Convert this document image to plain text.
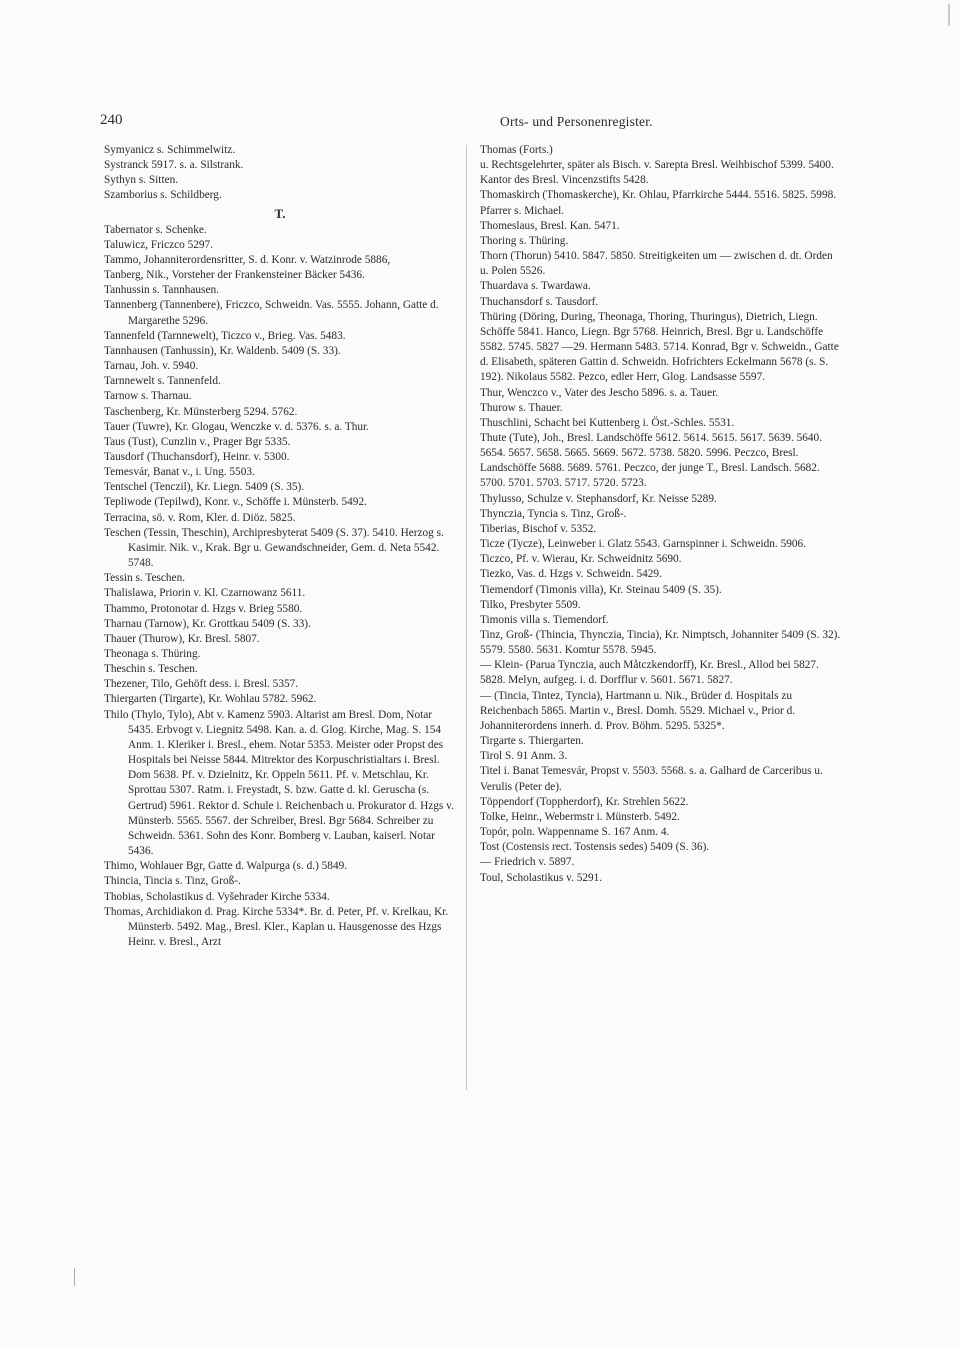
240	Orts- und Personenregister.
Symyanicz s. Schimmelwitz.
Systranck 5917. s. a. Silstrank.
Sythyn s. Sitten.
Szamborius s. Schildberg.
T.
Tabernator s. Schenke.
Taluwicz, Friczco 5297.
Tammo, Johanniterordensritter, S. d. Konr. v. Watzinrode 5886,
Tanberg, Nik., Vorsteher der Frankensteiner Bäcker 5436.
Tanhussin s. Tannhausen.
Tannenberg (Tannenbere), Friczco, Schweidn. Vas. 5555. Johann, Gatte d. Margarethe 5296.
Tannenfeld (Tarnnewelt), Ticzco v., Brieg. Vas. 5483.
Tannhausen (Tanhussin), Kr. Waldenb. 5409 (S. 33).
Tarnau, Joh. v. 5940.
Tarnnewelt s. Tannenfeld.
Tarnow s. Tharnau.
Taschenberg, Kr. Münsterberg 5294. 5762.
Tauer (Tuwre), Kr. Glogau, Wenczke v. d. 5376. s. a. Thur.
Taus (Tust), Cunzlin v., Prager Bgr 5335.
Tausdorf (Thuchansdorf), Heinr. v. 5300.
Temesvár, Banat v., i. Ung. 5503.
Tentschel (Tenczil), Kr. Liegn. 5409 (S. 35).
Tepliwode (Tepilwd), Konr. v., Schöffe i. Münsterb. 5492.
Terracina, sö. v. Rom, Kler. d. Diöz. 5825.
Teschen (Tessin, Theschin), Archipresbyterat 5409 (S. 37). 5410. Herzog s. Kasimir. Nik. v., Krak. Bgr u. Gewandschneider, Gem. d. Neta 5542. 5748.
Tessin s. Teschen.
Thalislawa, Priorin v. Kl. Czarnowanz 5611.
Thammo, Protonotar d. Hzgs v. Brieg 5580.
Tharnau (Tarnow), Kr. Grottkau 5409 (S. 33).
Thauer (Thurow), Kr. Bresl. 5807.
Theonaga s. Thüring.
Theschin s. Teschen.
Thezener, Tilo, Gehöft dess. i. Bresl. 5357.
Thiergarten (Tirgarte), Kr. Wohlau 5782. 5962.
Thilo (Thylo, Tylo), Abt v. Kamenz 5903. Altarist am Bresl. Dom, Notar 5435. Erbvogt v. Liegnitz 5498. Kan. a. d. Glog. Kirche, Mag. S. 154 Anm. 1. Kleriker i. Bresl., ehem. Notar 5353. Meister oder Propst des Hospitals bei Neisse 5844. Mitrektor des Korpuschristialtars i. Bresl. Dom 5638. Pf. v. Dzielnitz, Kr. Oppeln 5611. Pf. v. Metschlau, Kr. Sprottau 5307. Ratm. i. Freystadt, S. bzw. Gatte d. kl. Geruscha (s. Gertrud) 5961. Rektor d. Schule i. Reichenbach u. Prokurator d. Hzgs v. Münsterb. 5565. 5567. der Schreiber, Bresl. Bgr 5684. Schreiber zu Schweidn. 5361. Sohn des Konr. Bomberg v. Lauban, kaiserl. Notar 5436.
Thimo, Wohlauer Bgr, Gatte d. Walpurga (s. d.) 5849.
Thincia, Tincia s. Tinz, Groß-.
Thobias, Scholastikus d. Vyšehrader Kirche 5334.
Thomas, Archidiakon d. Prag. Kirche 5334*. Br. d. Peter, Pf. v. Krelkau, Kr. Münsterb. 5492. Mag., Bresl. Kler., Kaplan u. Hausgenosse des Hzgs Heinr. v. Bresl., Arzt
Thomas (Forts.)
u. Rechtsgelehrter, später als Bisch. v. Sarepta Bresl. Weihbischof 5399. 5400. Kantor des Bresl. Vincenzstifts 5428.
Thomaskirch (Thomaskerche), Kr. Ohlau, Pfarrkirche 5444. 5516. 5825. 5998. Pfarrer s. Michael.
Thomeslaus, Bresl. Kan. 5471.
Thoring s. Thüring.
Thorn (Thorun) 5410. 5847. 5850. Streitigkeiten um — zwischen d. dt. Orden u. Polen 5526.
Thuardava s. Twardawa.
Thuchansdorf s. Tausdorf.
Thüring (Döring, During, Theonaga, Thoring, Thuringus), Dietrich, Liegn. Schöffe 5841. Hanco, Liegn. Bgr 5768. Heinrich, Bresl. Bgr u. Landschöffe 5582. 5745. 5827 —29. Hermann 5483. 5714. Konrad, Bgr v. Schweidn., Gatte d. Elisabeth, späteren Gattin d. Schweidn. Hofrichters Eckelmann 5678 (s. S. 192). Nikolaus 5582. Pezco, edler Herr, Glog. Landsasse 5597.
Thur, Wenczco v., Vater des Jescho 5896. s. a. Tauer.
Thurow s. Thauer.
Thuschlini, Schacht bei Kuttenberg i. Öst.-Schles. 5531.
Thute (Tute), Joh., Bresl. Landschöffe 5612. 5614. 5615. 5617. 5639. 5640. 5654. 5657. 5658. 5665. 5669. 5672. 5738. 5820. 5996. Peczco, Bresl. Landschöffe 5688. 5689. 5761. Peczco, der junge T., Bresl. Landsch. 5682. 5700. 5701. 5703. 5717. 5720. 5723.
Thylusso, Schulze v. Stephansdorf, Kr. Neisse 5289.
Thynczia, Tyncia s. Tinz, Groß-.
Tiberias, Bischof v. 5352.
Ticze (Tycze), Leinweber i. Glatz 5543. Garnspinner i. Schweidn. 5906.
Ticzco, Pf. v. Wierau, Kr. Schweidnitz 5690.
Tiezko, Vas. d. Hzgs v. Schweidn. 5429.
Tiemendorf (Timonis villa), Kr. Steinau 5409 (S. 35).
Tilko, Presbyter 5509.
Timonis villa s. Tiemendorf.
Tinz, Groß- (Thincia, Thynczia, Tincia), Kr. Nimptsch, Johanniter 5409 (S. 32). 5579. 5580. 5631. Komtur 5578. 5945.
— Klein- (Parua Tynczia, auch Måtczkendorff), Kr. Bresl., Allod bei 5827. 5828. Melyn, aufgeg. i. d. Dorfflur v. 5601. 5671. 5827.
— (Tincia, Tintez, Tyncia), Hartmann u. Nik., Brüder d. Hospitals zu Reichenbach 5865. Martin v., Bresl. Domh. 5529. Michael v., Prior d. Johanniterordens innerh. d. Prov. Böhm. 5295. 5325*.
Tirgarte s. Thiergarten.
Tirol S. 91 Anm. 3.
Titel i. Banat Temesvár, Propst v. 5503. 5568. s. a. Galhard de Carceribus u. Verulis (Peter de).
Töppendorf (Toppherdorf), Kr. Strehlen 5622.
Tolke, Heinr., Webermstr i. Münsterb. 5492.
Topór, poln. Wappenname S. 167 Anm. 4.
Tost (Costensis rect. Tostensis sedes) 5409 (S. 36).
— Friedrich v. 5897.
Toul, Scholastikus v. 5291.
